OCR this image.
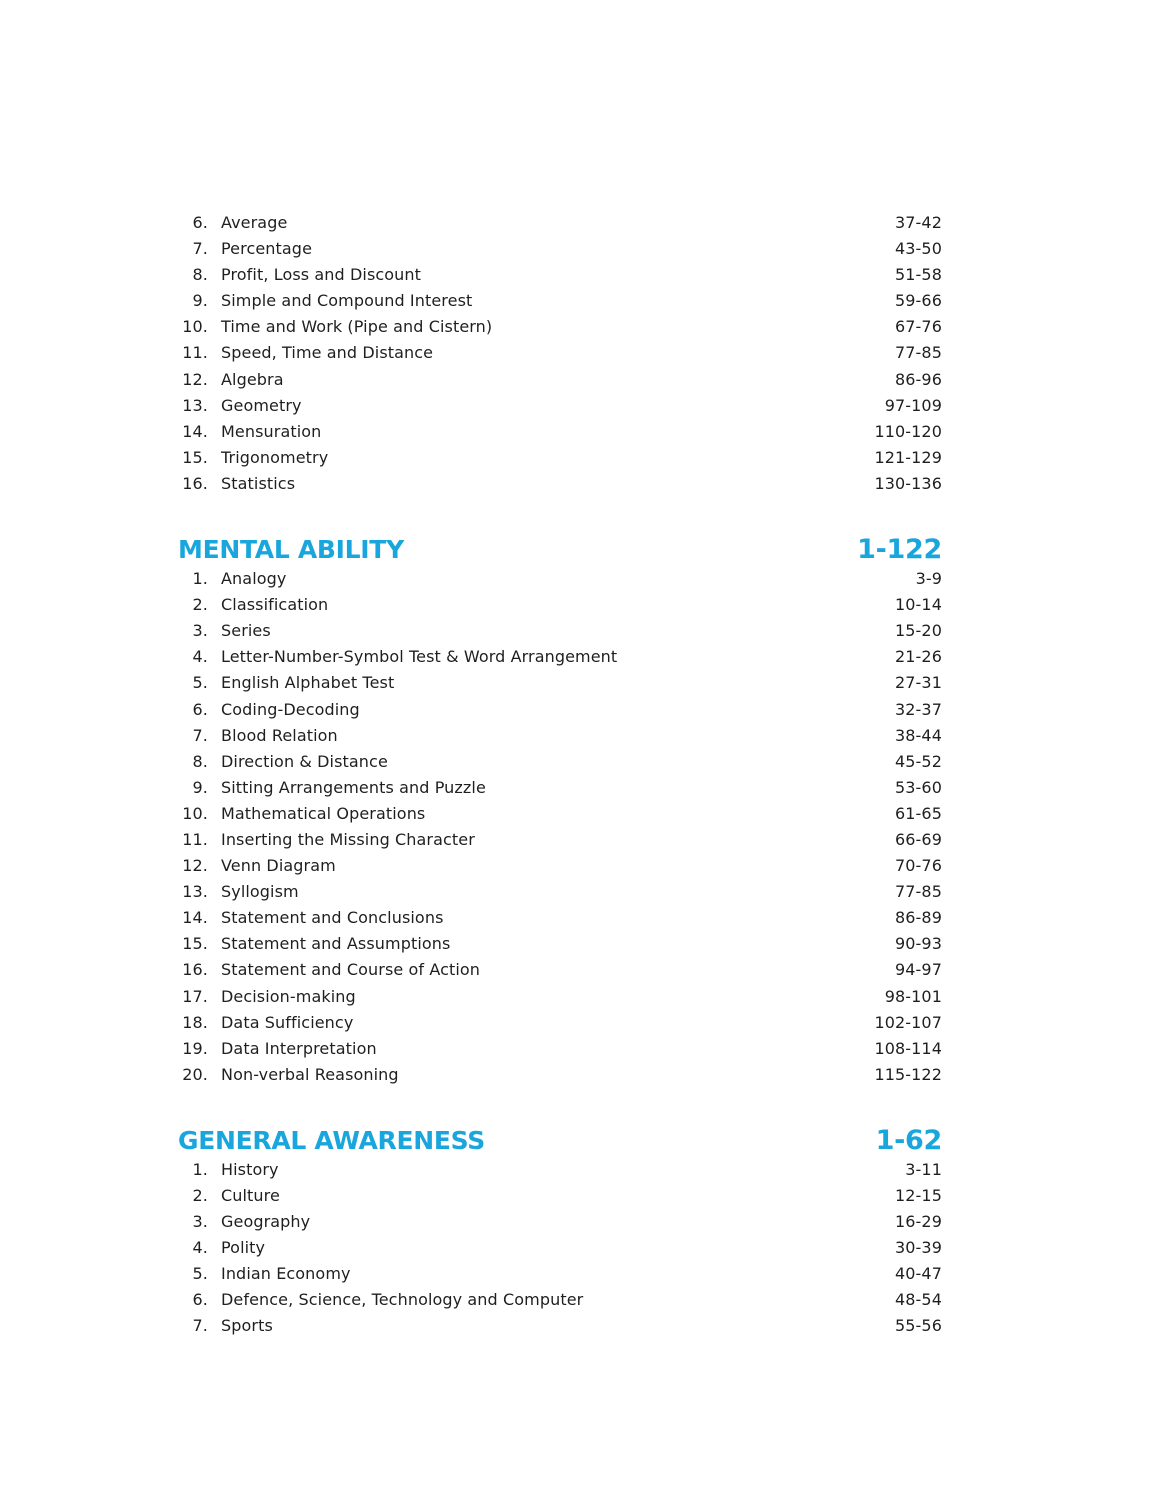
6. Average	37-42
7. Percentage	43-50
8. Profit, Loss and Discount	51-58
9. Simple and Compound Interest	59-66
10. Time and Work (Pipe and Cistern)	67-76
11. Speed, Time and Distance	77-85
12. Algebra	86-96
13. Geometry	97-109
14. Mensuration	110-120
15. Trigonometry	121-129
16. Statistics	130-136
MENTAL ABILITY	1-122
1. Analogy	3-9
2. Classification	10-14
3. Series	15-20
4. Letter-Number-Symbol Test & Word Arrangement	21-26
5. English Alphabet Test	27-31
6. Coding-Decoding	32-37
7. Blood Relation	38-44
8. Direction & Distance	45-52
9. Sitting Arrangements and Puzzle	53-60
10. Mathematical Operations	61-65
11. Inserting the Missing Character	66-69
12. Venn Diagram	70-76
13. Syllogism	77-85
14. Statement and Conclusions	86-89
15. Statement and Assumptions	90-93
16. Statement and Course of Action	94-97
17. Decision-making	98-101
18. Data Sufficiency	102-107
19. Data Interpretation	108-114
20. Non-verbal Reasoning	115-122
GENERAL AWARENESS	1-62
1. History	3-11
2. Culture	12-15
3. Geography	16-29
4. Polity	30-39
5. Indian Economy	40-47
6. Defence, Science, Technology and Computer	48-54
7. Sports	55-56
